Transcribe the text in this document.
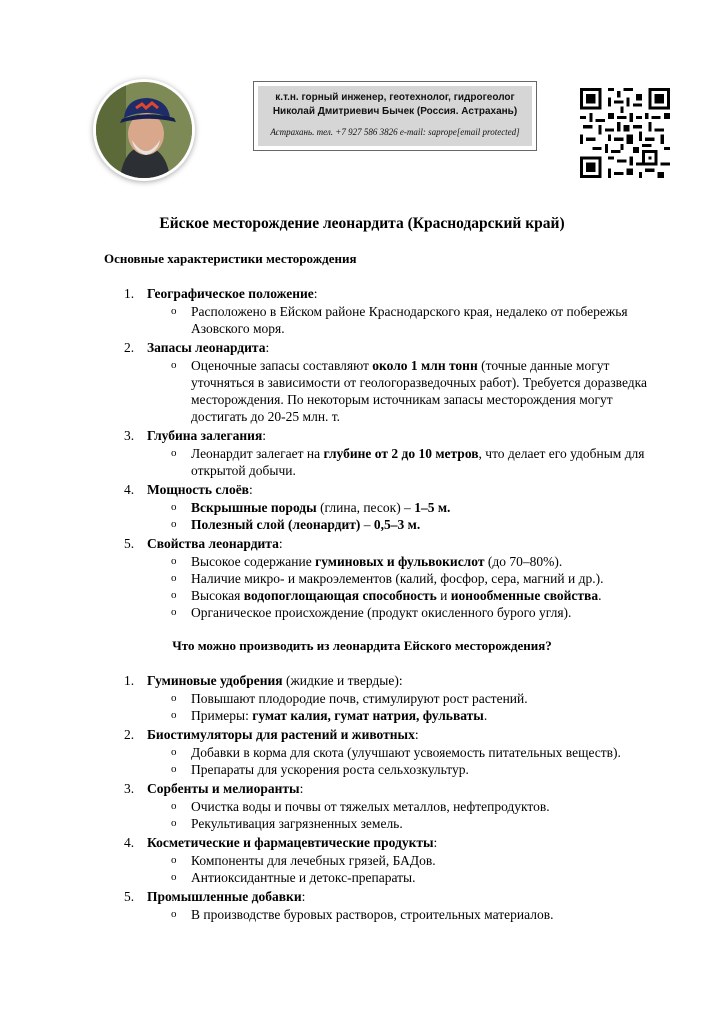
к.т.н. горный инженер, геотехнолог, гидрогеолог
Николай Дмитриевич Бычек (Россия. Астрахань)
Астрахань. тел. +7 927 586 3826 e-mail: saprope[email protected]
Ейское месторождение леонардита (Краснодарский край)
Основные характеристики месторождения
1. Географическое положение:
o Расположено в Ейском районе Краснодарского края, недалеко от побережья Азовского моря.
2. Запасы леонардита:
o Оценочные запасы составляют около 1 млн тонн (точные данные могут уточняться в зависимости от геологоразведочных работ). Требуется доразведка месторождения. По некоторым источникам запасы месторождения могут достигать до 20-25 млн. т.
3. Глубина залегания:
o Леонардит залегает на глубине от 2 до 10 метров, что делает его удобным для открытой добычи.
4. Мощность слоёв:
o Вскрышные породы (глина, песок) – 1–5 м.
o Полезный слой (леонардит) – 0,5–3 м.
5. Свойства леонардита:
o Высокое содержание гуминовых и фульвокислот (до 70–80%).
o Наличие микро- и макроэлементов (калий, фосфор, сера, магний и др.).
o Высокая водопоглощающая способность и ионообменные свойства.
o Органическое происхождение (продукт окисленного бурого угля).
Что можно производить из леонардита Ейского месторождения?
1. Гуминовые удобрения (жидкие и твердые):
o Повышают плодородие почв, стимулируют рост растений.
o Примеры: гумат калия, гумат натрия, фульваты.
2. Биостимуляторы для растений и животных:
o Добавки в корма для скота (улучшают усвояемость питательных веществ).
o Препараты для ускорения роста сельхозкультур.
3. Сорбенты и мелиоранты:
o Очистка воды и почвы от тяжелых металлов, нефтепродуктов.
o Рекультивация загрязненных земель.
4. Косметические и фармацевтические продукты:
o Компоненты для лечебных грязей, БАДов.
o Антиоксидантные и детокс-препараты.
5. Промышленные добавки:
o В производстве буровых растворов, строительных материалов.
